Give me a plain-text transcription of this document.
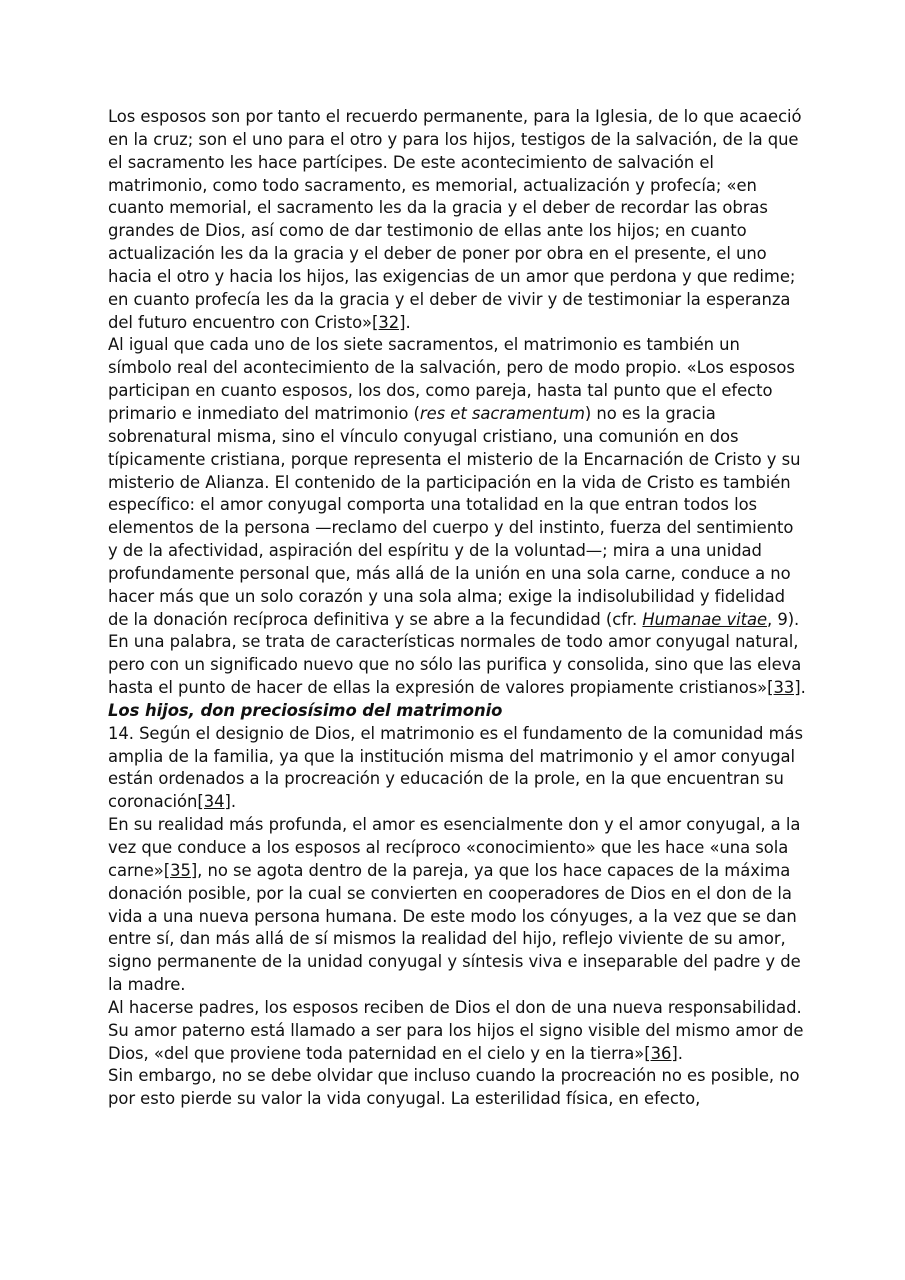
Los esposos son por tanto el recuerdo permanente, para la Iglesia, de lo que acaeció en la cruz; son el uno para el otro y para los hijos, testigos de la salvación, de la que el sacramento les hace partícipes. De este acontecimiento de salvación el matrimonio, como todo sacramento, es memorial, actualización y profecía; «en cuanto memorial, el sacramento les da la gracia y el deber de recordar las obras grandes de Dios, así como de dar testimonio de ellas ante los hijos; en cuanto actualización les da la gracia y el deber de poner por obra en el presente, el uno hacia el otro y hacia los hijos, las exigencias de un amor que perdona y que redime; en cuanto profecía les da la gracia y el deber de vivir y de testimoniar la esperanza del futuro encuentro con Cristo»[32].

Al igual que cada uno de los siete sacramentos, el matrimonio es también un símbolo real del acontecimiento de la salvación, pero de modo propio. «Los esposos participan en cuanto esposos, los dos, como pareja, hasta tal punto que el efecto primario e inmediato del matrimonio (res et sacramentum) no es la gracia sobrenatural misma, sino el vínculo conyugal cristiano, una comunión en dos típicamente cristiana, porque representa el misterio de la Encarnación de Cristo y su misterio de Alianza. El contenido de la participación en la vida de Cristo es también específico: el amor conyugal comporta una totalidad en la que entran todos los elementos de la persona —reclamo del cuerpo y del instinto, fuerza del sentimiento y de la afectividad, aspiración del espíritu y de la voluntad—; mira a una unidad profundamente personal que, más allá de la unión en una sola carne, conduce a no hacer más que un solo corazón y una sola alma; exige la indisolubilidad y fidelidad de la donación recíproca definitiva y se abre a la fecundidad (cfr. Humanae vitae, 9). En una palabra, se trata de características normales de todo amor conyugal natural, pero con un significado nuevo que no sólo las purifica y consolida, sino que las eleva hasta el punto de hacer de ellas la expresión de valores propiamente cristianos»[33].

Los hijos, don preciosísimo del matrimonio

14. Según el designio de Dios, el matrimonio es el fundamento de la comunidad más amplia de la familia, ya que la institución misma del matrimonio y el amor conyugal están ordenados a la procreación y educación de la prole, en la que encuentran su coronación[34].

En su realidad más profunda, el amor es esencialmente don y el amor conyugal, a la vez que conduce a los esposos al recíproco «conocimiento» que les hace «una sola carne»[35], no se agota dentro de la pareja, ya que los hace capaces de la máxima donación posible, por la cual se convierten en cooperadores de Dios en el don de la vida a una nueva persona humana. De este modo los cónyuges, a la vez que se dan entre sí, dan más allá de sí mismos la realidad del hijo, reflejo viviente de su amor, signo permanente de la unidad conyugal y síntesis viva e inseparable del padre y de la madre.

Al hacerse padres, los esposos reciben de Dios el don de una nueva responsabilidad. Su amor paterno está llamado a ser para los hijos el signo visible del mismo amor de Dios, «del que proviene toda paternidad en el cielo y en la tierra»[36].

Sin embargo, no se debe olvidar que incluso cuando la procreación no es posible, no por esto pierde su valor la vida conyugal. La esterilidad física, en efecto,
